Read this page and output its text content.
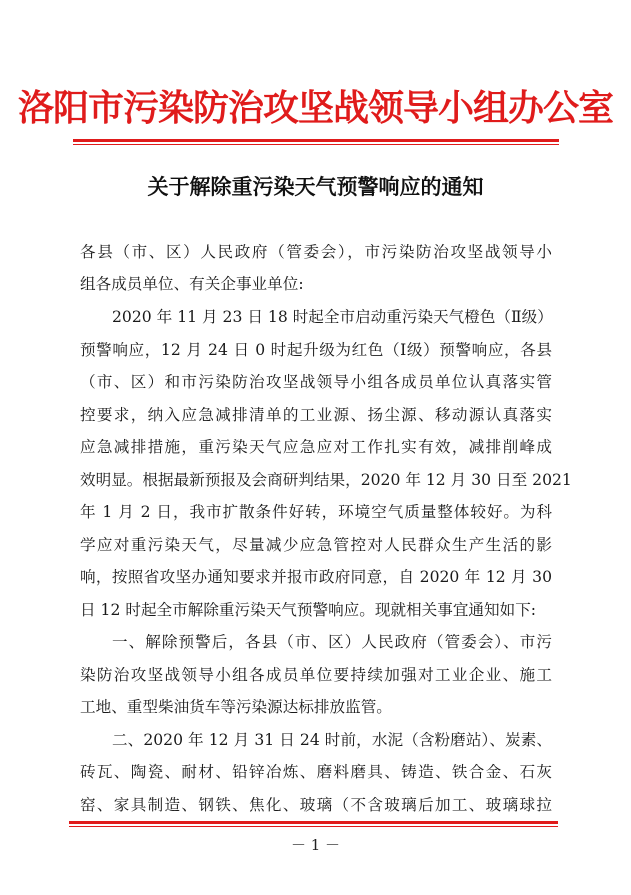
洛阳市污染防治攻坚战领导小组办公室
关于解除重污染天气预警响应的通知
各县（市、区）人民政府（管委会），市污染防治攻坚战领导小
组各成员单位、有关企事业单位:
2020 年 11 月 23 日 18 时起全市启动重污染天气橙色（Ⅱ级）
预警响应，12 月 24 日 0 时起升级为红色（Ⅰ级）预警响应，各县
（市、区）和市污染防治攻坚战领导小组各成员单位认真落实管
控要求，纳入应急减排清单的工业源、扬尘源、移动源认真落实
应急减排措施，重污染天气应急应对工作扎实有效，减排削峰成
效明显。根据最新预报及会商研判结果，2020 年 12 月 30 日至 2021
年 1 月 2 日，我市扩散条件好转，环境空气质量整体较好。为科
学应对重污染天气，尽量减少应急管控对人民群众生产生活的影
响，按照省攻坚办通知要求并报市政府同意，自 2020 年 12 月 30
日 12 时起全市解除重污染天气预警响应。现就相关事宜通知如下:
一、解除预警后，各县（市、区）人民政府（管委会）、市污
染防治攻坚战领导小组各成员单位要持续加强对工业企业、施工
工地、重型柴油货车等污染源达标排放监管。
二、2020 年 12 月 31 日 24 时前，水泥（含粉磨站）、炭素、
砖瓦、陶瓷、耐材、铅锌冶炼、磨料磨具、铸造、铁合金、石灰
窑、家具制造、钢铁、焦化、玻璃（不含玻璃后加工、玻璃球拉
－ 1 －
